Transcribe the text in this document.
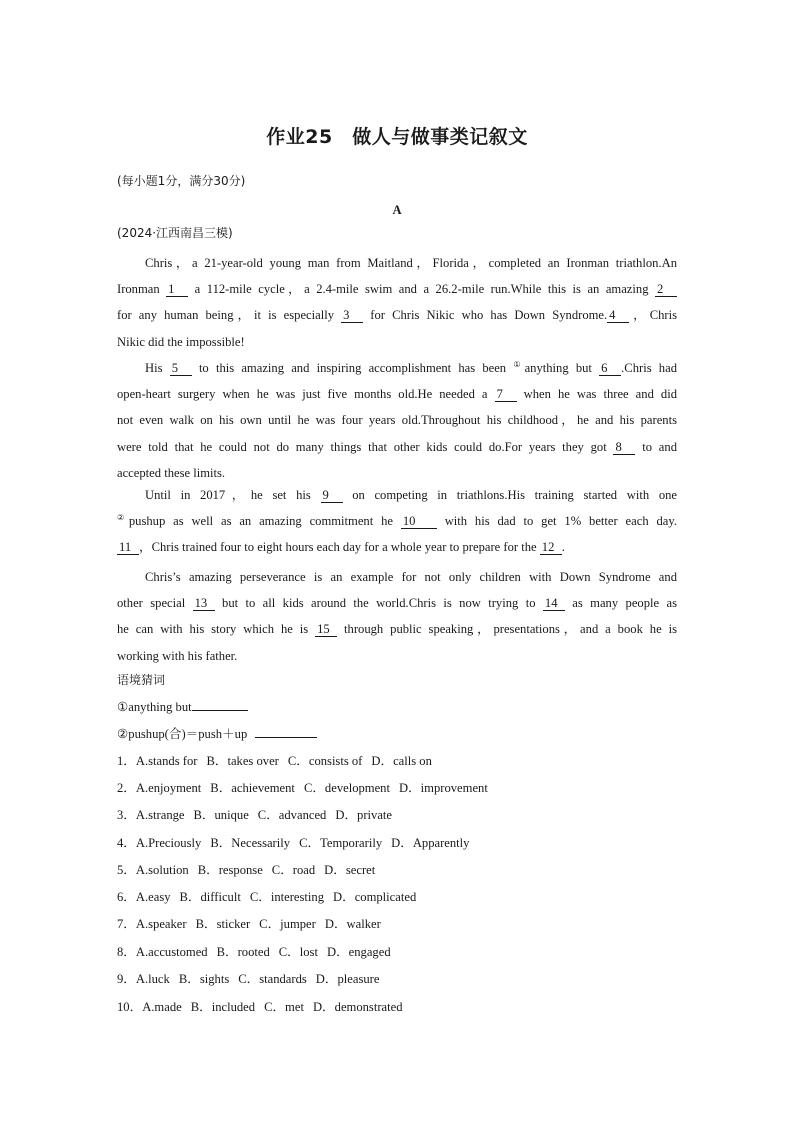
作业25　做人与做事类记叙文
(每小题1分，满分30分)
A
(2024·江西南昌三模)
Chris，a 21-year-old young man from Maitland，Florida，completed an Ironman triathlon.An
Ironman 1 a 112-mile cycle，a 2.4-mile swim and a 26.2-mile run.While this is an amazing 2
for any human being，it is especially 3 for Chris Nikic who has Down Syndrome. 4 ，Chris
Nikic did the impossible!
His 5 to this amazing and inspiring accomplishment has been ①anything but 6 .Chris had
open-heart surgery when he was just five months old.He needed a 7 when he was three and did
not even walk on his own until he was four years old.Throughout his childhood，he and his parents
were told that he could not do many things that other kids could do.For years they got 8 to and
accepted these limits.
Until in 2017，he set his 9 on competing in triathlons.His training started with one
②pushup as well as an amazing commitment he 10 with his dad to get 1% better each day.
11 ，Chris trained four to eight hours each day for a whole year to prepare for the 12 .
Chris’s amazing perseverance is an example for not only children with Down Syndrome and
other special 13 but to all kids around the world.Chris is now trying to 14 as many people as
he can with his story which he is 15 through public speaking，presentations，and a book he is
working with his father.
语境猜词
①anything but
②pushup(合)＝push＋up
1．A.stands for B．takes over C．consists of D．calls on
2．A.enjoyment B．achievement C．development D．improvement
3．A.strange B．unique C．advanced D．private
4．A.Preciously B．Necessarily C．Temporarily D．Apparently
5．A.solution B．response C．road D．secret
6．A.easy B．difficult C．interesting D．complicated
7．A.speaker B．sticker C．jumper D．walker
8．A.accustomed B．rooted C．lost D．engaged
9．A.luck B．sights C．standards D．pleasure
10．A.made B．included C．met D．demonstrated
